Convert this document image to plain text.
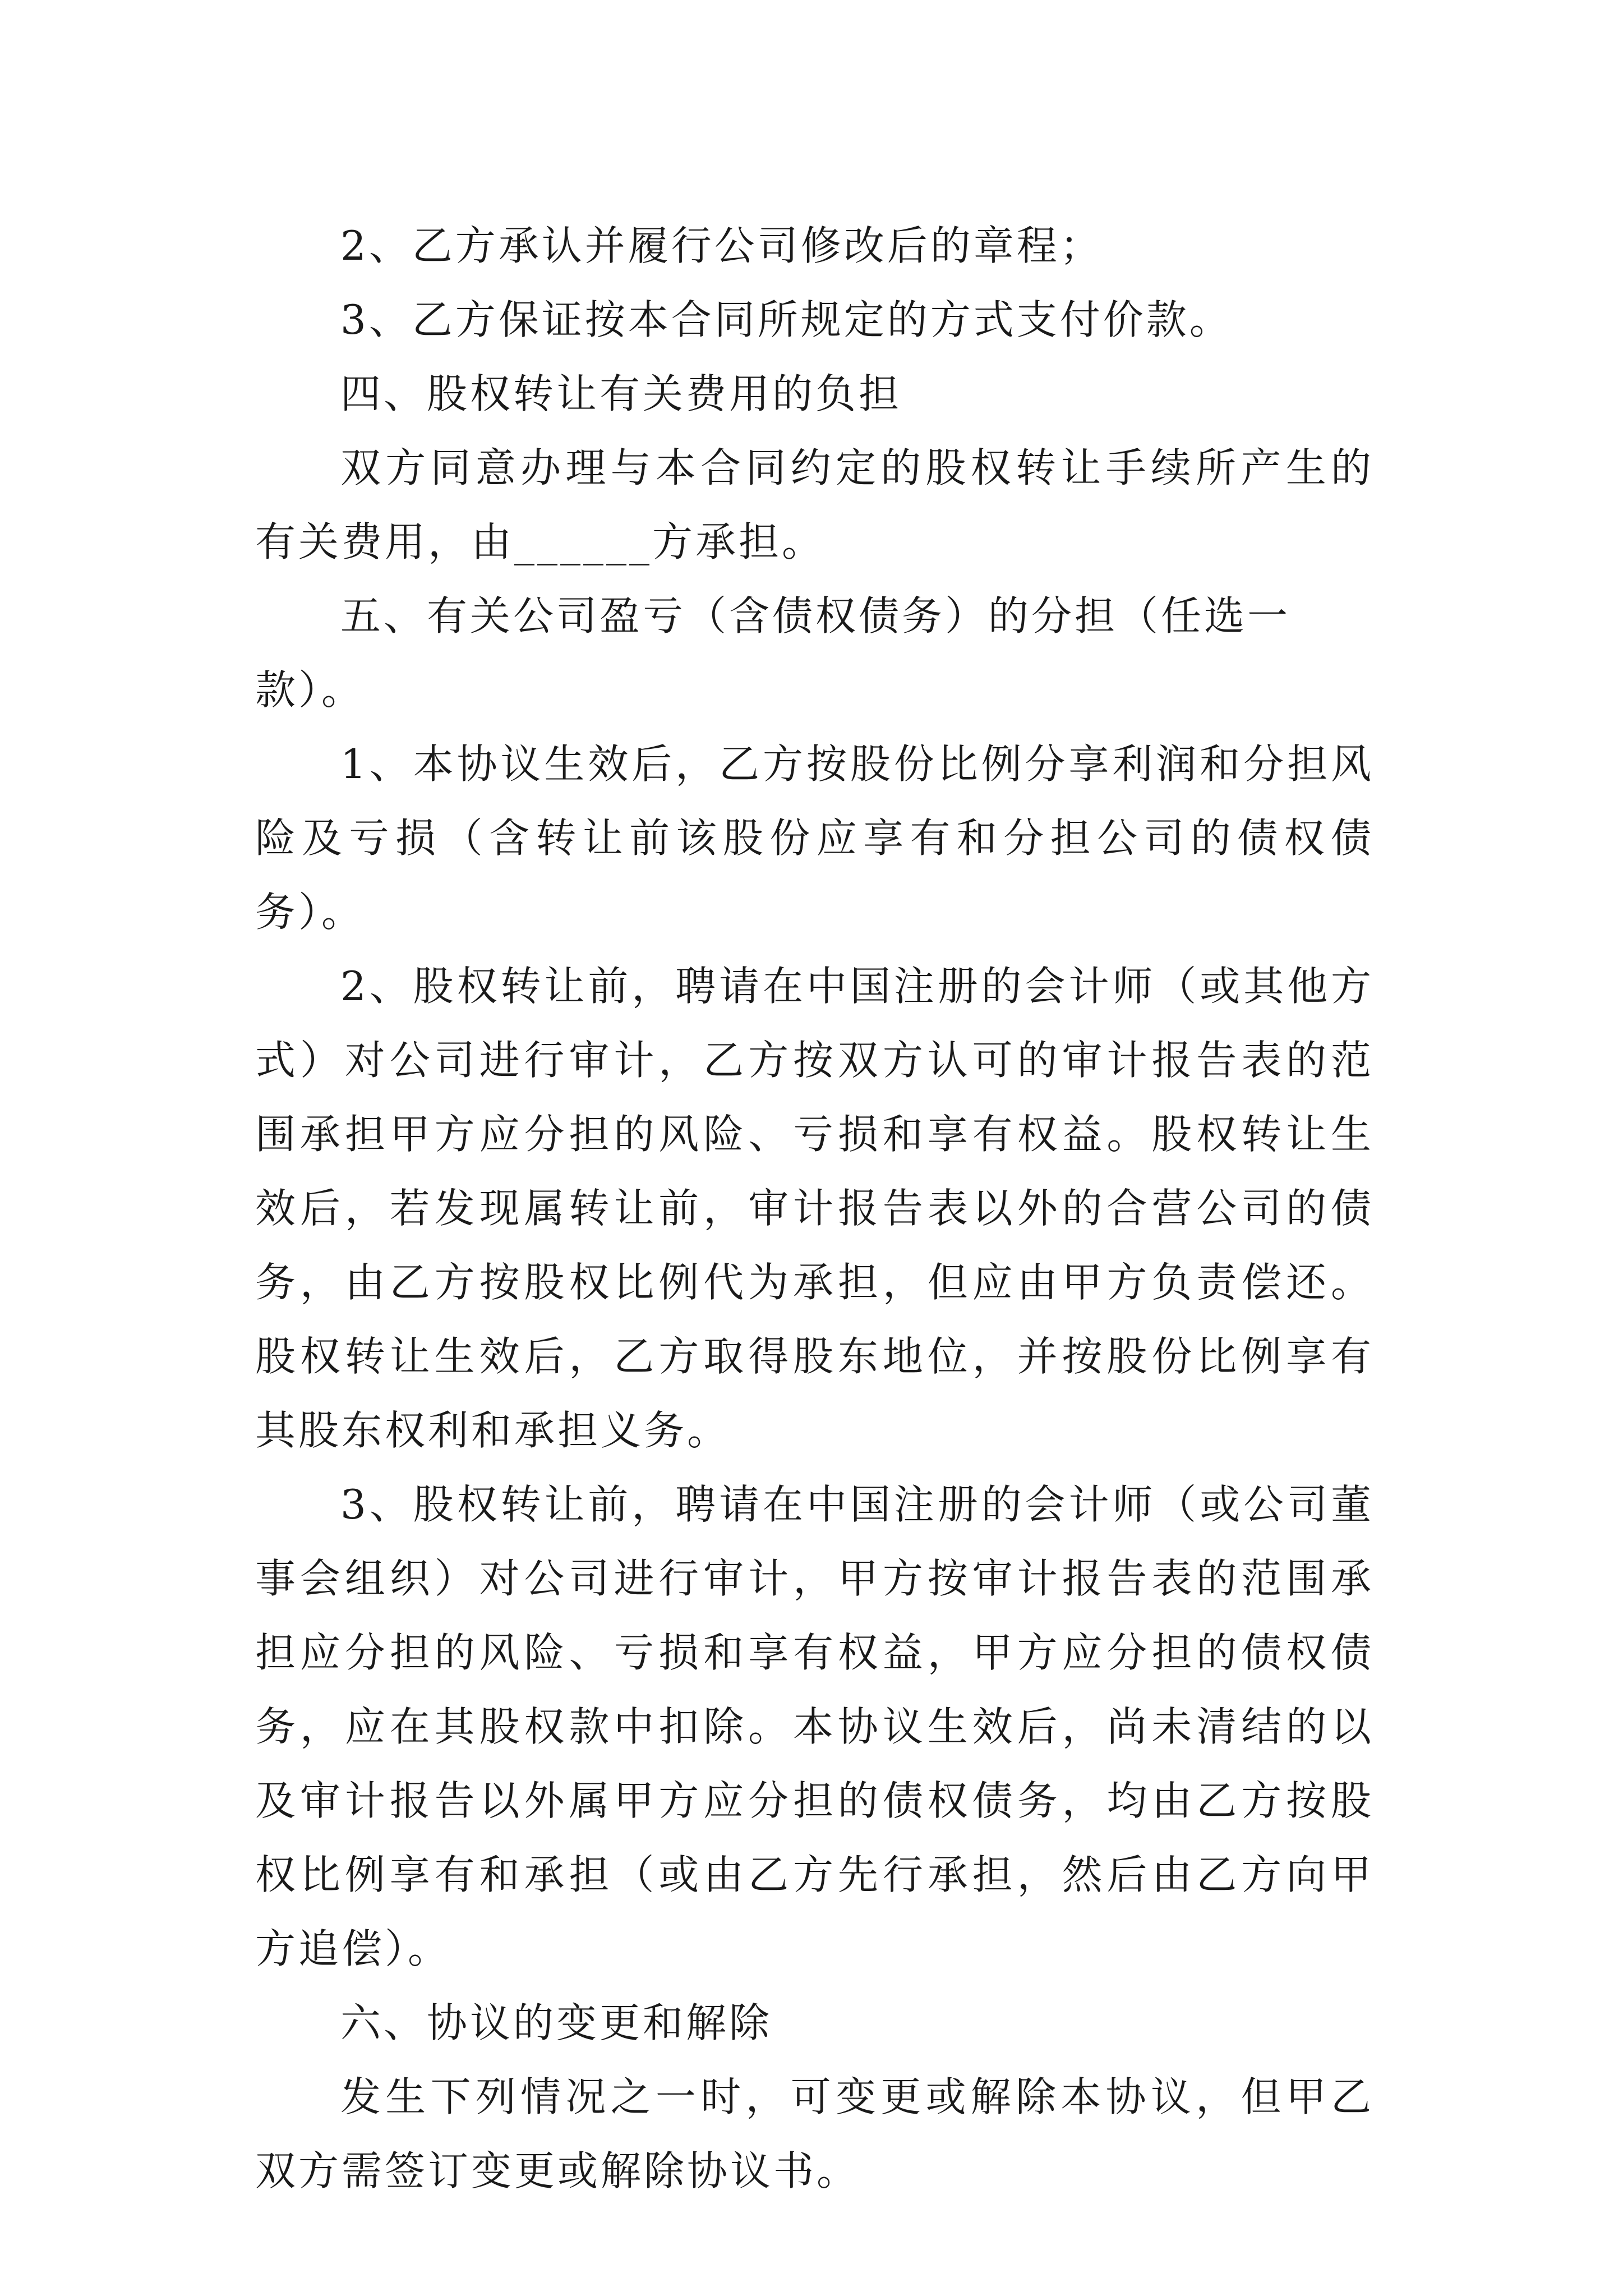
2、乙方承认并履行公司修改后的章程；

3、乙方保证按本合同所规定的方式支付价款。

四、股权转让有关费用的负担

双方同意办理与本合同约定的股权转让手续所产生的有关费用，由______方承担。

五、有关公司盈亏（含债权债务）的分担（任选一款）。

1、本协议生效后，乙方按股份比例分享利润和分担风险及亏损（含转让前该股份应享有和分担公司的债权债务）。

2、股权转让前，聘请在中国注册的会计师（或其他方式）对公司进行审计，乙方按双方认可的审计报告表的范围承担甲方应分担的风险、亏损和享有权益。股权转让生效后，若发现属转让前，审计报告表以外的合营公司的债务，由乙方按股权比例代为承担，但应由甲方负责偿还。股权转让生效后，乙方取得股东地位，并按股份比例享有其股东权利和承担义务。

3、股权转让前，聘请在中国注册的会计师（或公司董事会组织）对公司进行审计，甲方按审计报告表的范围承担应分担的风险、亏损和享有权益，甲方应分担的债权债务，应在其股权款中扣除。本协议生效后，尚未清结的以及审计报告以外属甲方应分担的债权债务，均由乙方按股权比例享有和承担（或由乙方先行承担，然后由乙方向甲方追偿）。

六、协议的变更和解除

发生下列情况之一时，可变更或解除本协议，但甲乙双方需签订变更或解除协议书。
